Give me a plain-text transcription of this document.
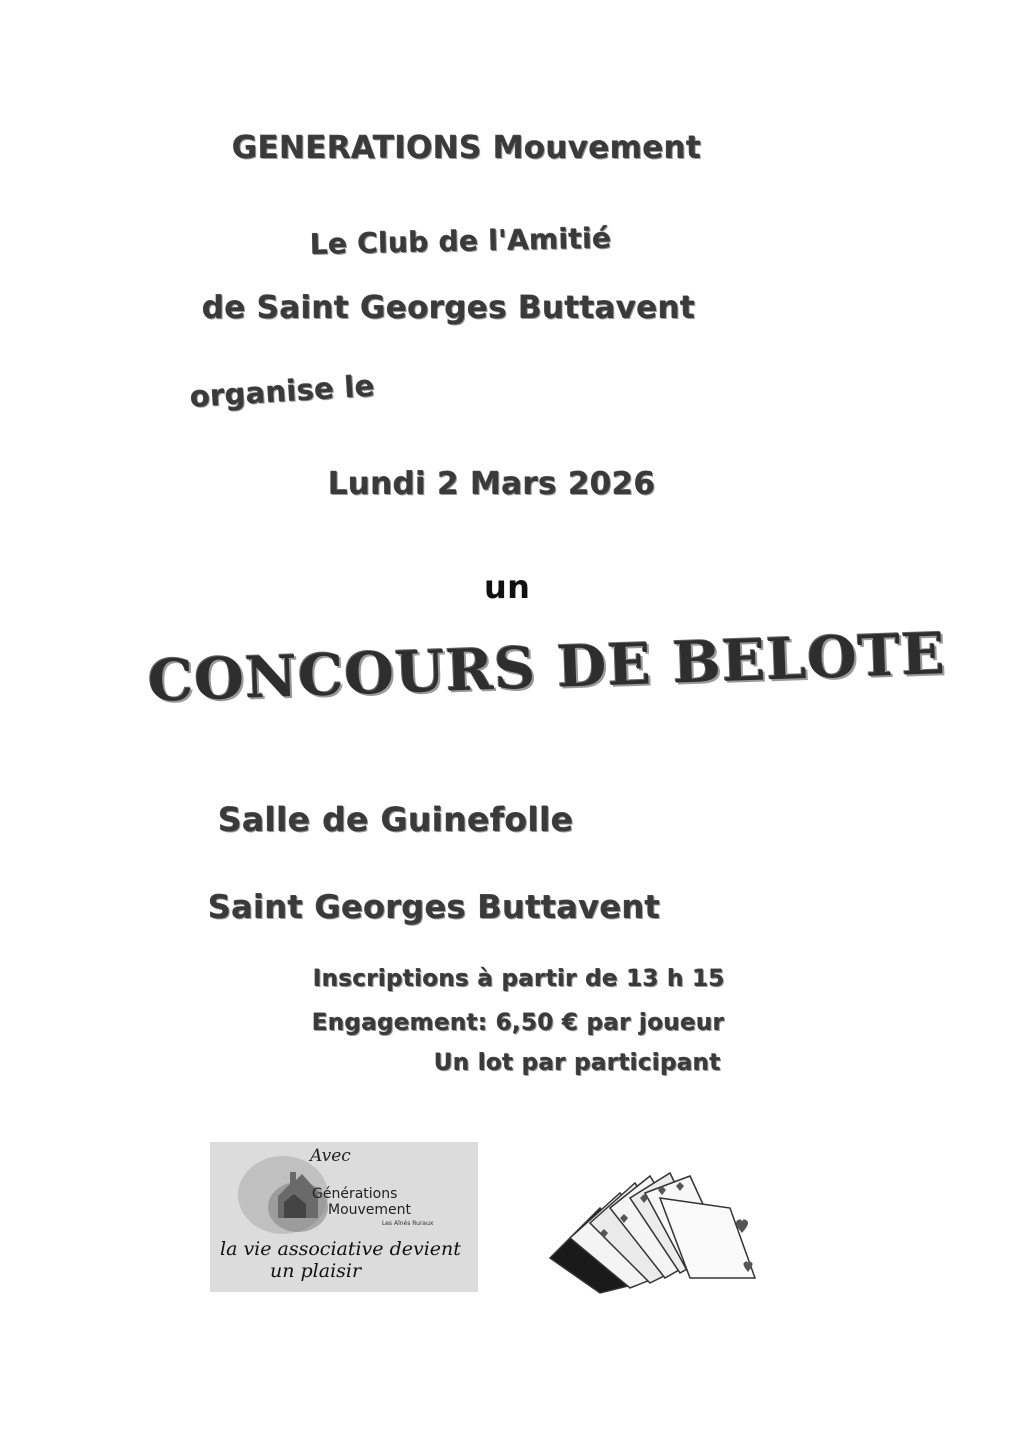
GENERATIONS Mouvement
Le Club de l'Amitié
de Saint Georges Buttavent
organise le
Lundi 2 Mars 2026
un
CONCOURS DE BELOTE
Salle de Guinefolle
Saint Georges Buttavent
Inscriptions à partir de 13 h 15
Engagement: 6,50 € par joueur
Un lot par participant
Avec
Générations
Mouvement
Les Aînés Ruraux
la vie associative devient
un plaisir
